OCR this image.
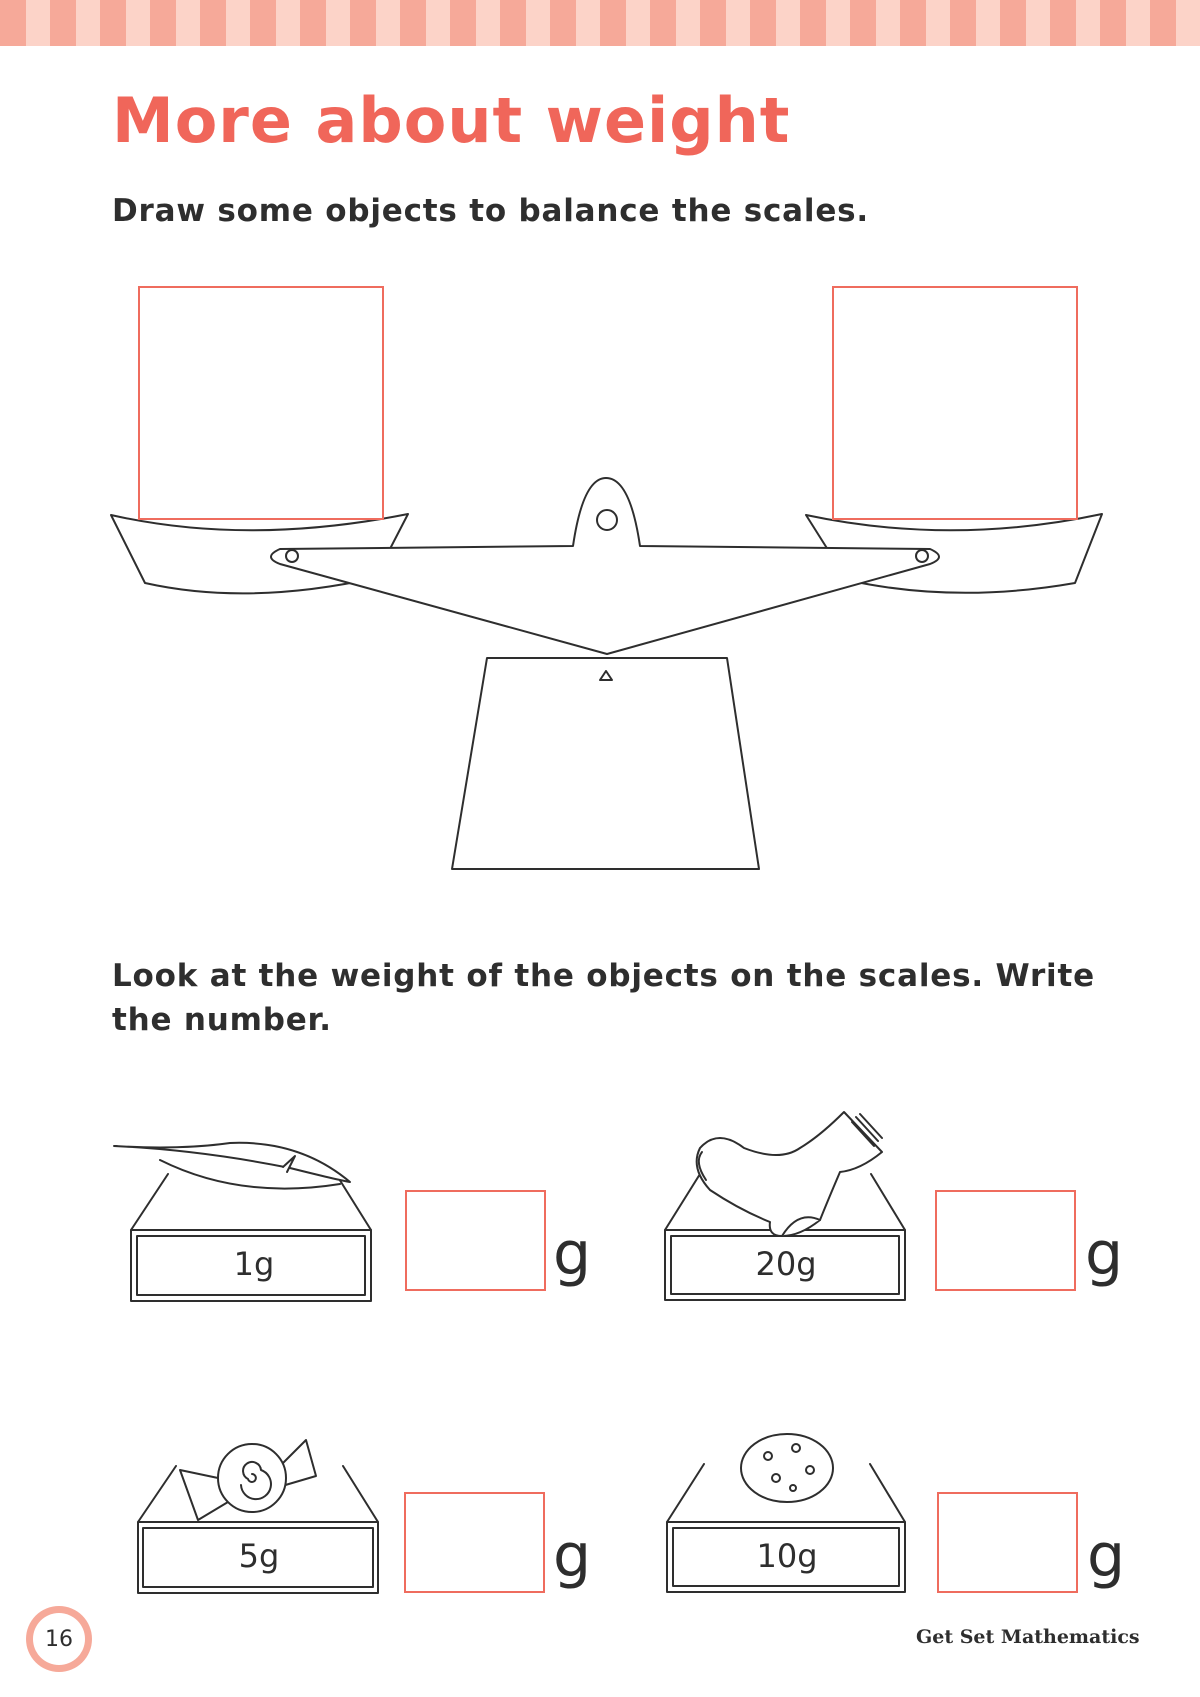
More about weight

Draw some objects to balance the scales.

Look at the weight of the objects on the scales. Write the number.

1g	20g
5g	10g
g	g
g	g
16	Get Set Mathematics
